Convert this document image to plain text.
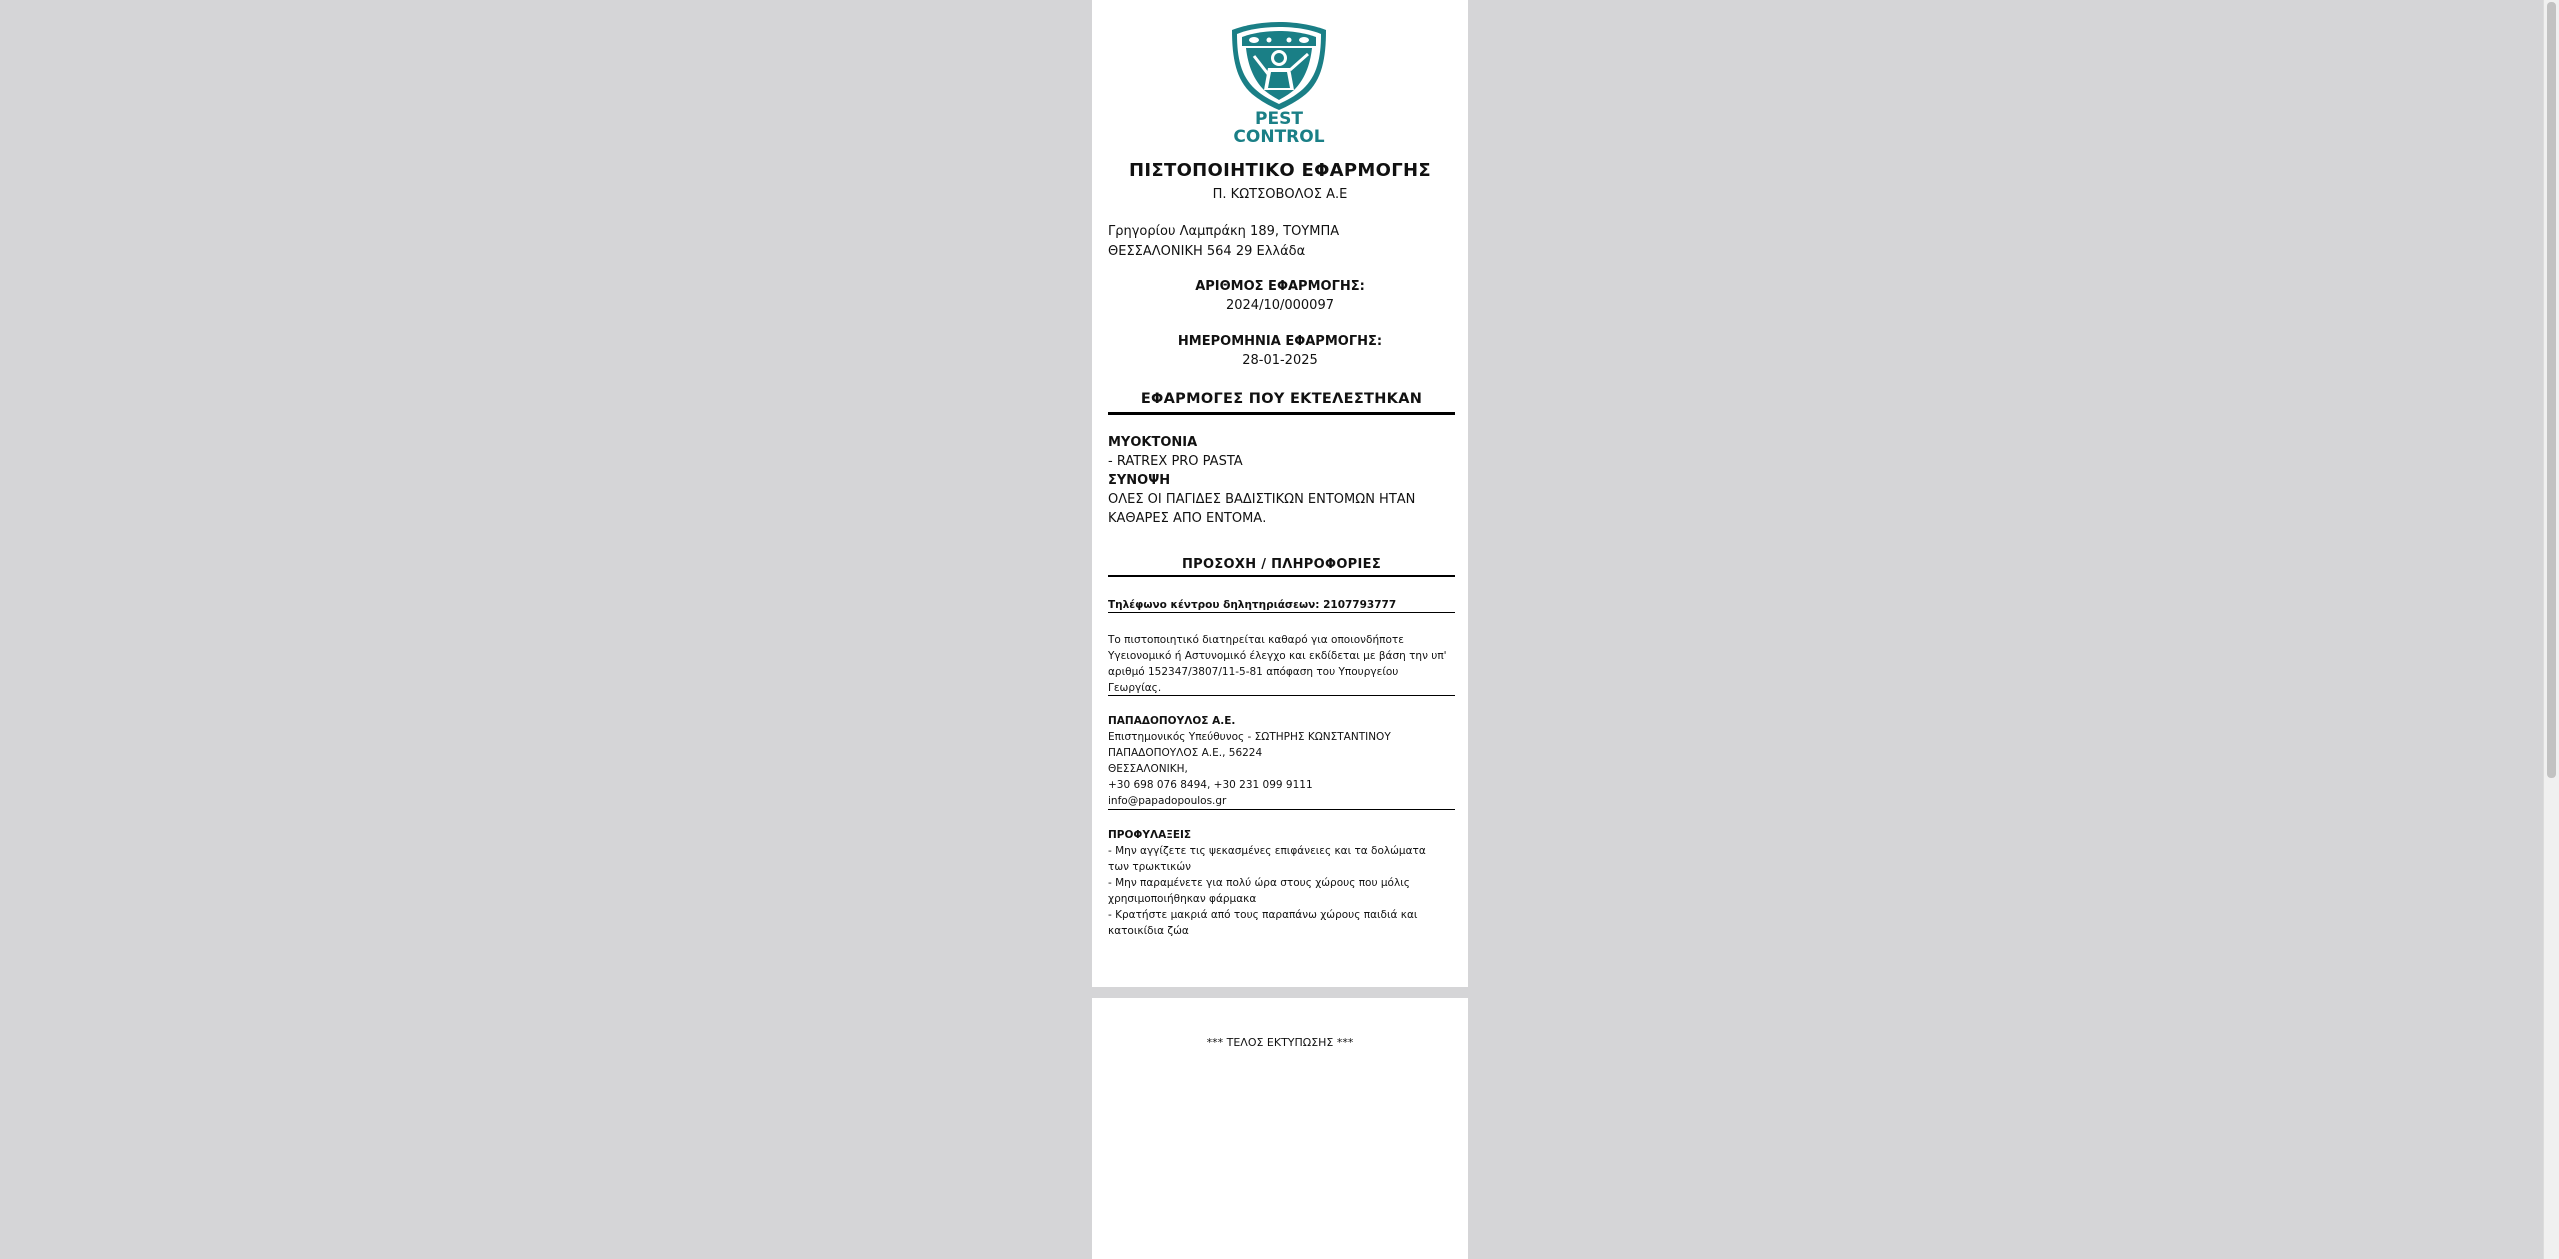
PEST
CONTROL
ΠΙΣΤΟΠΟΙΗΤΙΚΟ ΕΦΑΡΜΟΓΗΣ
Π. ΚΩΤΣΟΒΟΛΟΣ Α.Ε
Γρηγορίου Λαμπράκη 189, ΤΟΥΜΠΑ
ΘΕΣΣΑΛΟΝΙΚΗ 564 29 Ελλάδα
ΑΡΙΘΜΟΣ ΕΦΑΡΜΟΓΗΣ:
2024/10/000097
ΗΜΕΡΟΜΗΝΙΑ ΕΦΑΡΜΟΓΗΣ:
28-01-2025
ΕΦΑΡΜΟΓΕΣ ΠΟΥ ΕΚΤΕΛΕΣΤΗΚΑΝ
ΜΥΟΚΤΟΝΙΑ
- RATREX PRO PASTA
ΣΥΝΟΨΗ
ΟΛΕΣ ΟΙ ΠΑΓΙΔΕΣ ΒΑΔΙΣΤΙΚΩΝ ΕΝΤΟΜΩΝ ΗΤΑΝ
ΚΑΘΑΡΕΣ ΑΠΟ ΕΝΤΟΜΑ.
ΠΡΟΣΟΧΗ / ΠΛΗΡΟΦΟΡΙΕΣ
Τηλέφωνο κέντρου δηλητηριάσεων: 2107793777
Το πιστοποιητικό διατηρείται καθαρό για οποιονδήποτε
Υγειονομικό ή Αστυνομικό έλεγχο και εκδίδεται με βάση την υπ'
αριθμό 152347/3807/11-5-81 απόφαση του Υπουργείου
Γεωργίας.
ΠΑΠΑΔΟΠΟΥΛΟΣ Α.Ε.
Επιστημονικός Υπεύθυνος - ΣΩΤΗΡΗΣ ΚΩΝΣΤΑΝΤΙΝΟΥ
ΠΑΠΑΔΟΠΟΥΛΟΣ Α.Ε., 56224
ΘΕΣΣΑΛΟΝΙΚΗ,
+30 698 076 8494, +30 231 099 9111
info@papadopoulos.gr
ΠΡΟΦΥΛΑΞΕΙΣ
- Μην αγγίζετε τις ψεκασμένες επιφάνειες και τα δολώματα
των τρωκτικών
- Μην παραμένετε για πολύ ώρα στους χώρους που μόλις
χρησιμοποιήθηκαν φάρμακα
- Κρατήστε μακριά από τους παραπάνω χώρους παιδιά και
κατοικίδια ζώα
*** ΤΕΛΟΣ ΕΚΤΥΠΩΣΗΣ ***
